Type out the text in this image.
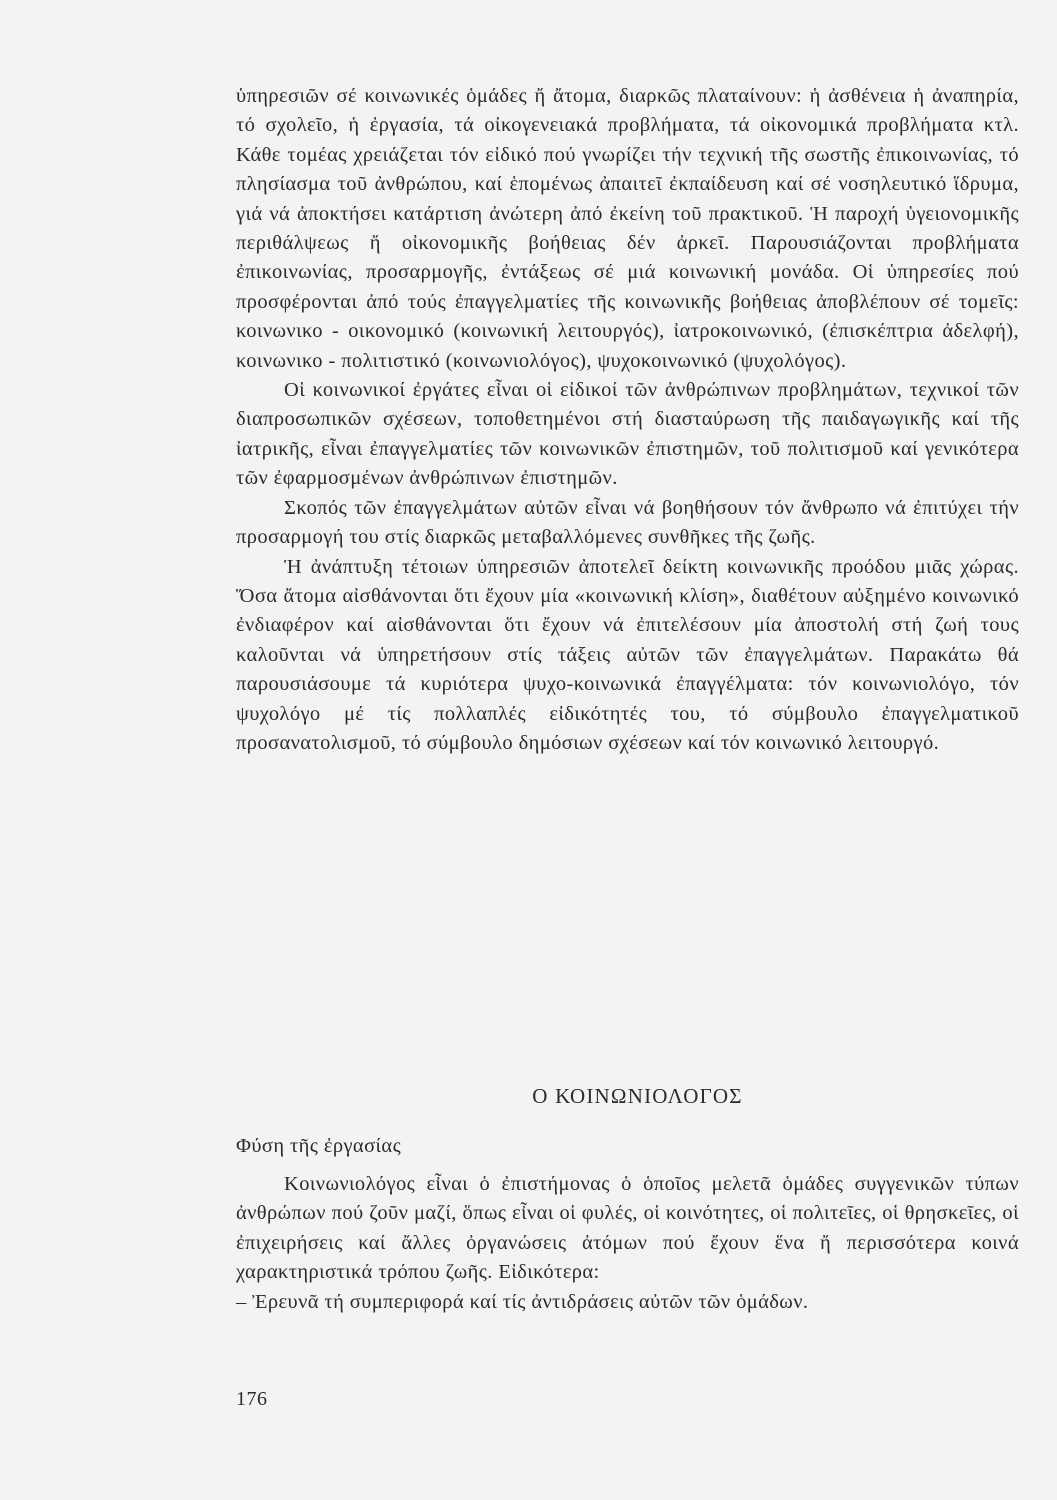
ὑπηρεσιῶν σέ κοινωνικές ὁμάδες ἤ ἄτομα, διαρκῶς πλαταίνουν: ἡ ἀσθένεια ἡ ἀναπηρία, τό σχολεῖο, ἡ ἐργασία, τά οἰκογενειακά προβλήματα, τά οἰκονομικά προβλήματα κτλ. Κάθε τομέας χρειάζεται τόν εἰδικό πού γνωρίζει τήν τεχνική τῆς σωστῆς ἐπικοινωνίας, τό πλησίασμα τοῦ ἀνθρώπου, καί ἑπομένως ἀπαιτεῖ ἐκπαίδευση καί σέ νοσηλευτικό ἵδρυμα, γιά νά ἀποκτήσει κατάρτιση ἀνώτερη ἀπό ἐκείνη τοῦ πρακτικοῦ. Ἡ παροχή ὑγειονομικῆς περιθάλψεως ἤ οἰκονομικῆς βοήθειας δέν ἀρκεῖ. Παρουσιάζονται προβλήματα ἐπικοινωνίας, προσαρμογῆς, ἐντάξεως σέ μιά κοινωνική μονάδα. Οἱ ὑπηρεσίες πού προσφέρονται ἀπό τούς ἐπαγγελματίες τῆς κοινωνικῆς βοήθειας ἀποβλέπουν σέ τομεῖς: κοινωνικο - οικονομικό (κοινωνική λειτουργός), ἰατροκοινωνικό, (ἐπισκέπτρια ἀδελφή), κοινωνικο - πολιτιστικό (κοινωνιολόγος), ψυχοκοινωνικό (ψυχολόγος).

Οἱ κοινωνικοί ἐργάτες εἶναι οἱ εἰδικοί τῶν ἀνθρώπινων προβλημάτων, τεχνικοί τῶν διαπροσωπικῶν σχέσεων, τοποθετημένοι στή διασταύρωση τῆς παιδαγωγικῆς καί τῆς ἰατρικῆς, εἶναι ἐπαγγελματίες τῶν κοινωνικῶν ἐπιστημῶν, τοῦ πολιτισμοῦ καί γενικότερα τῶν ἐφαρμοσμένων ἀνθρώπινων ἐπιστημῶν.

Σκοπός τῶν ἐπαγγελμάτων αὐτῶν εἶναι νά βοηθήσουν τόν ἄνθρωπο νά ἐπιτύχει τήν προσαρμογή του στίς διαρκῶς μεταβαλλόμενες συνθῆκες τῆς ζωῆς.

Ἡ ἀνάπτυξη τέτοιων ὑπηρεσιῶν ἀποτελεῖ δείκτη κοινωνικῆς προόδου μιᾶς χώρας. Ὅσα ἄτομα αἰσθάνονται ὅτι ἔχουν μία «κοινωνική κλίση», διαθέτουν αὐξημένο κοινωνικό ἐνδιαφέρον καί αἰσθάνονται ὅτι ἔχουν νά ἐπιτελέσουν μία ἀποστολή στή ζωή τους καλοῦνται νά ὑπηρετήσουν στίς τάξεις αὐτῶν τῶν ἐπαγγελμάτων. Παρακάτω θά παρουσιάσουμε τά κυριότερα ψυχο-κοινωνικά ἐπαγγέλματα: τόν κοινωνιολόγο, τόν ψυχολόγο μέ τίς πολλαπλές εἰδικότητές του, τό σύμβουλο ἐπαγγελματικοῦ προσανατολισμοῦ, τό σύμβουλο δημόσιων σχέσεων καί τόν κοινωνικό λειτουργό.

Ο ΚΟΙΝΩΝΙΟΛΟΓΟΣ
Φύση τῆς ἐργασίας

Κοινωνιολόγος εἶναι ὁ ἐπιστήμονας ὁ ὁποῖος μελετᾶ ὁμάδες συγγενικῶν τύπων ἀνθρώπων πού ζοῦν μαζί, ὅπως εἶναι οἱ φυλές, οἱ κοινότητες, οἱ πολιτεῖες, οἱ θρησκεῖες, οἱ ἐπιχειρήσεις καί ἄλλες ὀργανώσεις ἀτόμων πού ἔχουν ἕνα ἤ περισσότερα κοινά χαρακτηριστικά τρόπου ζωῆς. Εἰδικότερα:

– Ἐρευνᾶ τή συμπεριφορά καί τίς ἀντιδράσεις αὐτῶν τῶν ὁμάδων.

176
